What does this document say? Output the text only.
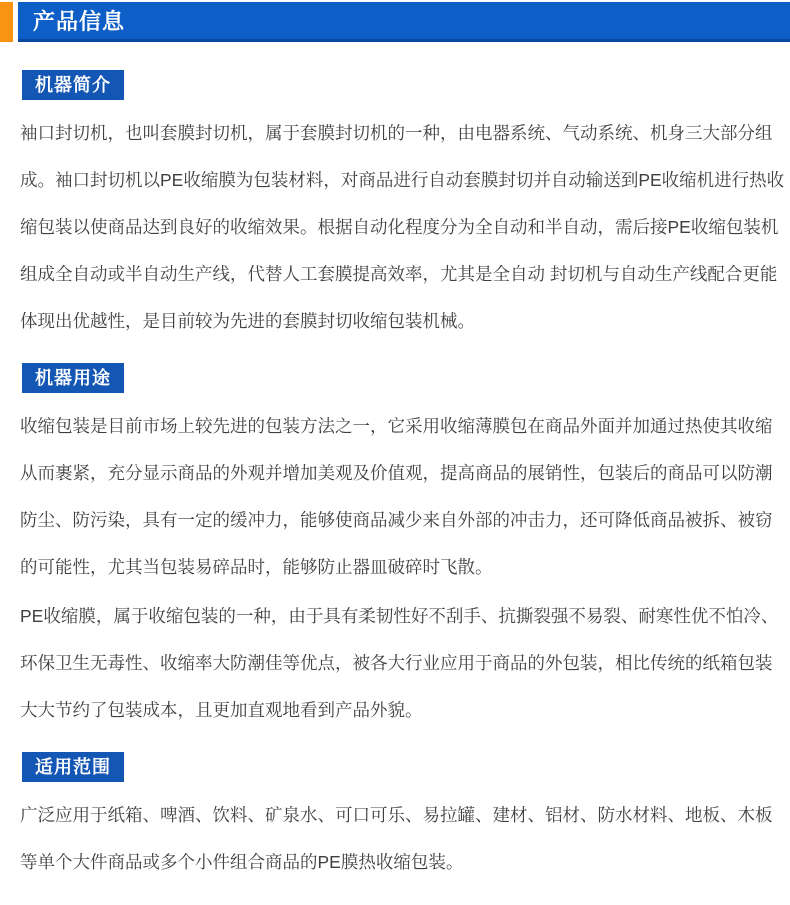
产品信息
机器简介
袖口封切机，也叫套膜封切机，属于套膜封切机的一种，由电器系统、气动系统、机身三大部分组
成。袖口封切机以PE收缩膜为包装材料，对商品进行自动套膜封切并自动输送到PE收缩机进行热收
缩包装以使商品达到良好的收缩效果。根据自动化程度分为全自动和半自动，需后接PE收缩包装机
组成全自动或半自动生产线，代替人工套膜提高效率，尤其是全自动 封切机与自动生产线配合更能
体现出优越性，是目前较为先进的套膜封切收缩包装机械。
机器用途
收缩包装是目前市场上较先进的包装方法之一，它采用收缩薄膜包在商品外面并加通过热使其收缩
从而裹紧，充分显示商品的外观并增加美观及价值观，提高商品的展销性，包装后的商品可以防潮
防尘、防污染，具有一定的缓冲力，能够使商品减少来自外部的冲击力，还可降低商品被拆、被窃
的可能性，尤其当包装易碎品时，能够防止器皿破碎时飞散。
PE收缩膜，属于收缩包装的一种，由于具有柔韧性好不刮手、抗撕裂强不易裂、耐寒性优不怕冷、
环保卫生无毒性、收缩率大防潮佳等优点，被各大行业应用于商品的外包装，相比传统的纸箱包装
大大节约了包装成本，且更加直观地看到产品外貌。
适用范围
广泛应用于纸箱、啤酒、饮料、矿泉水、可口可乐、易拉罐、建材、铝材、防水材料、地板、木板
等单个大件商品或多个小件组合商品的PE膜热收缩包装。
